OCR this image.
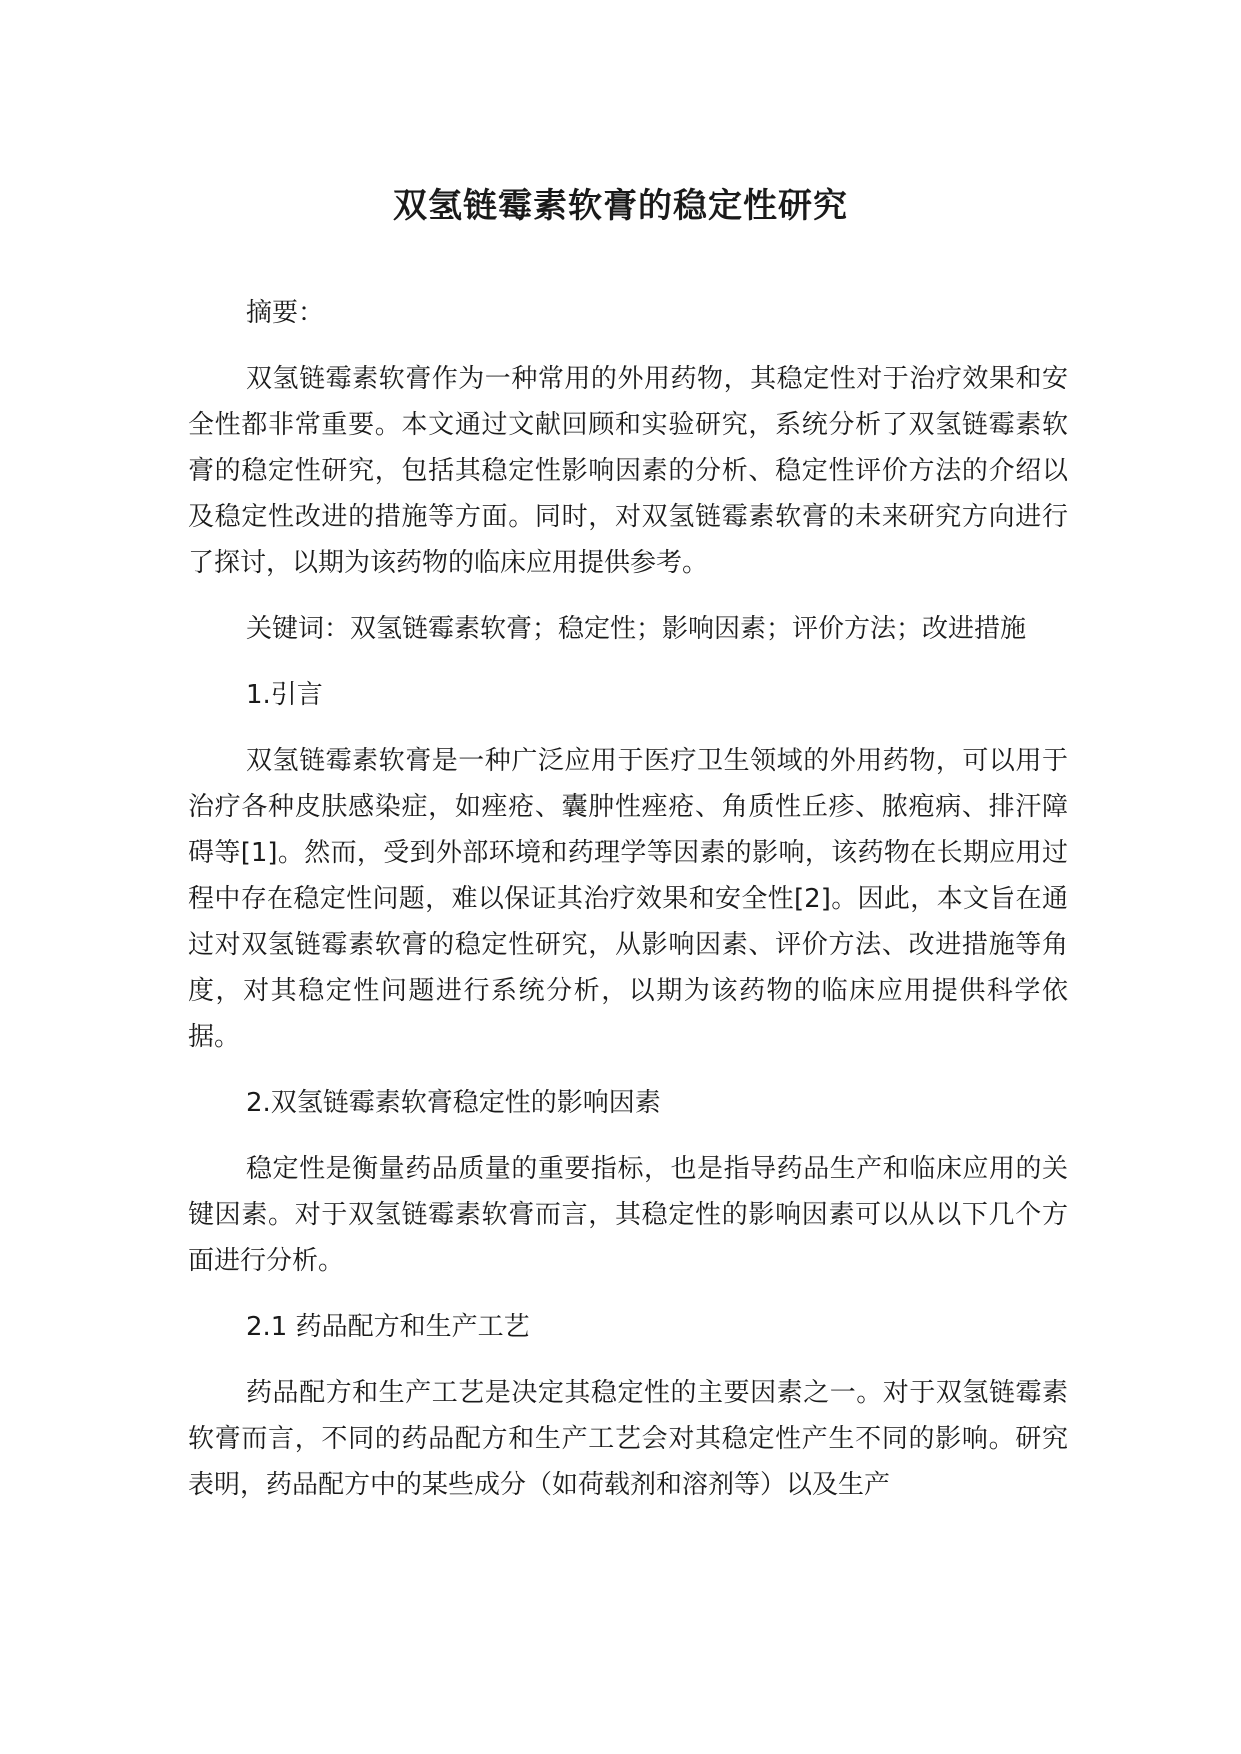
双氢链霉素软膏的稳定性研究

摘要：

双氢链霉素软膏作为一种常用的外用药物，其稳定性对于治疗效果和安全性都非常重要。本文通过文献回顾和实验研究，系统分析了双氢链霉素软膏的稳定性研究，包括其稳定性影响因素的分析、稳定性评价方法的介绍以及稳定性改进的措施等方面。同时，对双氢链霉素软膏的未来研究方向进行了探讨，以期为该药物的临床应用提供参考。

关键词：双氢链霉素软膏；稳定性；影响因素；评价方法；改进措施

1.引言

双氢链霉素软膏是一种广泛应用于医疗卫生领域的外用药物，可以用于治疗各种皮肤感染症，如痤疮、囊肿性痤疮、角质性丘疹、脓疱病、排汗障碍等[1]。然而，受到外部环境和药理学等因素的影响，该药物在长期应用过程中存在稳定性问题，难以保证其治疗效果和安全性[2]。因此，本文旨在通过对双氢链霉素软膏的稳定性研究，从影响因素、评价方法、改进措施等角度，对其稳定性问题进行系统分析，以期为该药物的临床应用提供科学依据。

2.双氢链霉素软膏稳定性的影响因素

稳定性是衡量药品质量的重要指标，也是指导药品生产和临床应用的关键因素。对于双氢链霉素软膏而言，其稳定性的影响因素可以从以下几个方面进行分析。

2.1 药品配方和生产工艺

药品配方和生产工艺是决定其稳定性的主要因素之一。对于双氢链霉素软膏而言，不同的药品配方和生产工艺会对其稳定性产生不同的影响。研究表明，药品配方中的某些成分（如荷载剂和溶剂等）以及生产
